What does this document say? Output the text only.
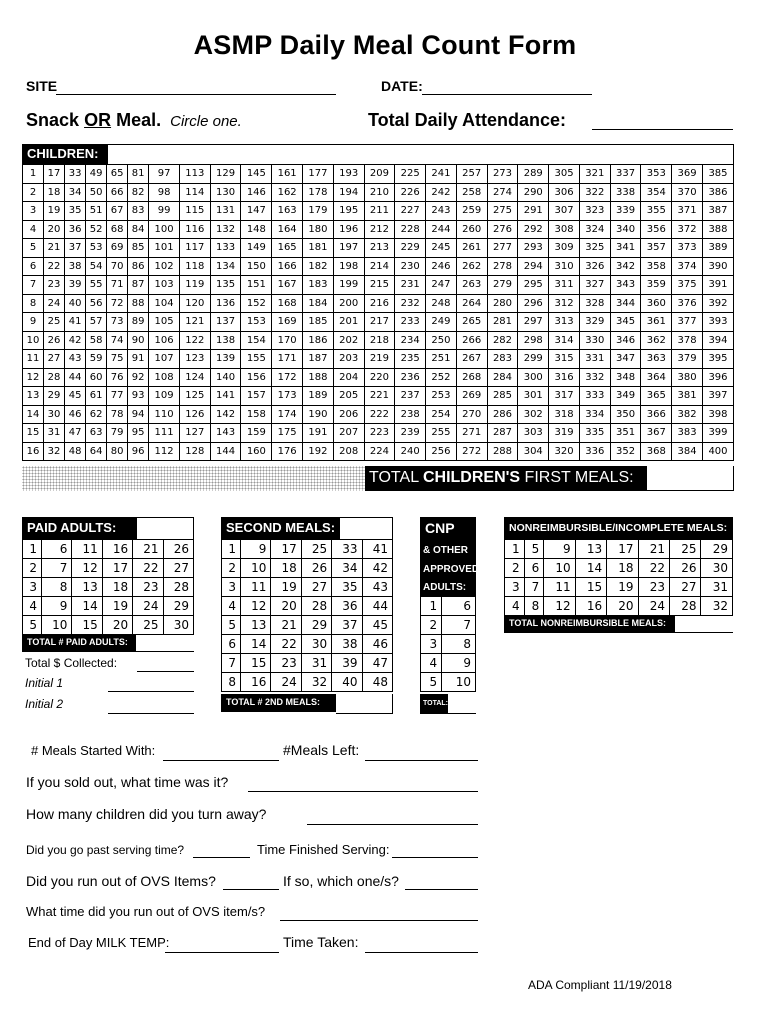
ASMP Daily Meal Count Form
SITE	DATE:
Snack OR Meal. Circle one.	Total Daily Attendance:
CHILDREN:
1	17	33	49	65	81	97	113	129	145	161	177	193	209	225	241	257	273	289	305	321	337	353	369	385
2	18	34	50	66	82	98	114	130	146	162	178	194	210	226	242	258	274	290	306	322	338	354	370	386
3	19	35	51	67	83	99	115	131	147	163	179	195	211	227	243	259	275	291	307	323	339	355	371	387
4	20	36	52	68	84	100	116	132	148	164	180	196	212	228	244	260	276	292	308	324	340	356	372	388
5	21	37	53	69	85	101	117	133	149	165	181	197	213	229	245	261	277	293	309	325	341	357	373	389
6	22	38	54	70	86	102	118	134	150	166	182	198	214	230	246	262	278	294	310	326	342	358	374	390
7	23	39	55	71	87	103	119	135	151	167	183	199	215	231	247	263	279	295	311	327	343	359	375	391
8	24	40	56	72	88	104	120	136	152	168	184	200	216	232	248	264	280	296	312	328	344	360	376	392
9	25	41	57	73	89	105	121	137	153	169	185	201	217	233	249	265	281	297	313	329	345	361	377	393
10	26	42	58	74	90	106	122	138	154	170	186	202	218	234	250	266	282	298	314	330	346	362	378	394
11	27	43	59	75	91	107	123	139	155	171	187	203	219	235	251	267	283	299	315	331	347	363	379	395
12	28	44	60	76	92	108	124	140	156	172	188	204	220	236	252	268	284	300	316	332	348	364	380	396
13	29	45	61	77	93	109	125	141	157	173	189	205	221	237	253	269	285	301	317	333	349	365	381	397
14	30	46	62	78	94	110	126	142	158	174	190	206	222	238	254	270	286	302	318	334	350	366	382	398
15	31	47	63	79	95	111	127	143	159	175	191	207	223	239	255	271	287	303	319	335	351	367	383	399
16	32	48	64	80	96	112	128	144	160	176	192	208	224	240	256	272	288	304	320	336	352	368	384	400
TOTAL CHILDREN'S FIRST MEALS:
PAID ADULTS:
1	6	11	16	21	26
2	7	12	17	22	27
3	8	13	18	23	28
4	9	14	19	24	29
5	10	15	20	25	30
TOTAL # PAID ADULTS:
Total $ Collected:
Initial 1
Initial 2
SECOND MEALS:
1	9	17	25	33	41
2	10	18	26	34	42
3	11	19	27	35	43
4	12	20	28	36	44
5	13	21	29	37	45
6	14	22	30	38	46
7	15	23	31	39	47
8	16	24	32	40	48
TOTAL # 2ND MEALS:
CNP
& OTHER
APPROVED
ADULTS:
1	6
2	7
3	8
4	9
5	10
TOTAL:
NONREIMBURSIBLE/INCOMPLETE MEALS:
1	5	9	13	17	21	25	29
2	6	10	14	18	22	26	30
3	7	11	15	19	23	27	31
4	8	12	16	20	24	28	32
TOTAL NONREIMBURSIBLE MEALS:
# Meals Started With:	#Meals Left:
If you sold out, what time was it?
How many children did you turn away?
Did you go past serving time?	Time Finished Serving:
Did you run out of OVS Items?	If so, which one/s?
What time did you run out of OVS item/s?
End of Day MILK TEMP:	Time Taken:
ADA Compliant 11/19/2018
